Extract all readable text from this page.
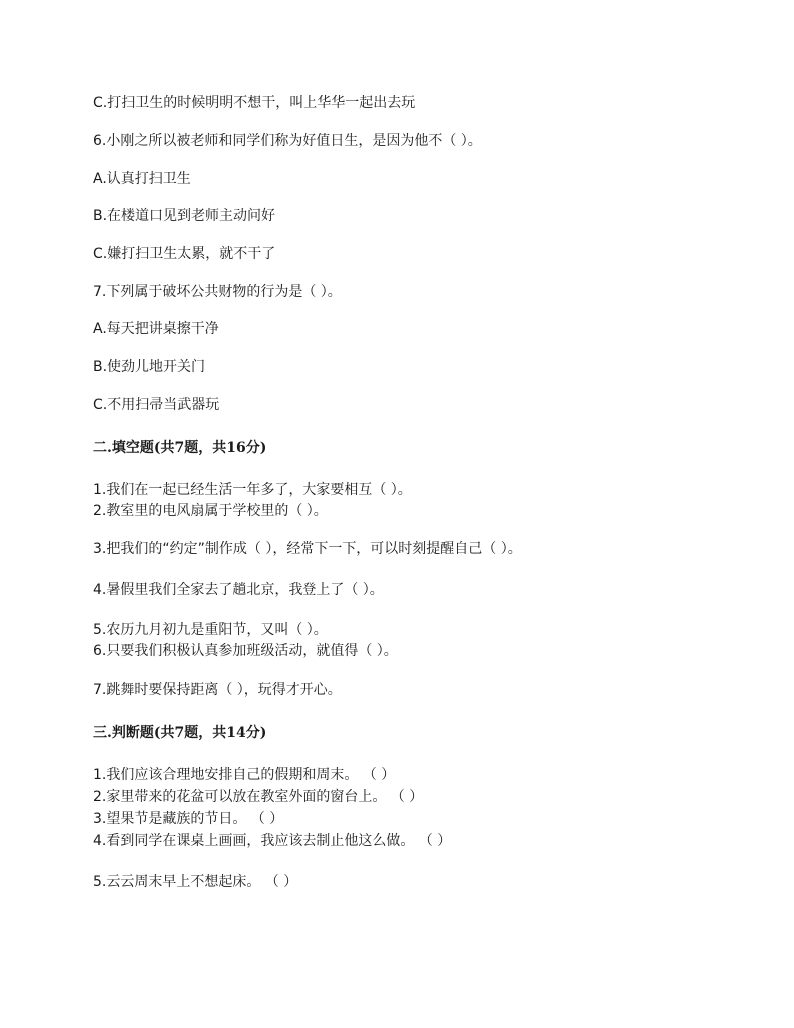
C.打扫卫生的时候明明不想干，叫上华华一起出去玩
6.小刚之所以被老师和同学们称为好值日生，是因为他不（ ）。
A.认真打扫卫生
B.在楼道口见到老师主动问好
C.嫌打扫卫生太累，就不干了
7.下列属于破坏公共财物的行为是（ ）。
A.每天把讲桌擦干净
B.使劲儿地开关门
C.不用扫帚当武器玩
二.填空题(共7题，共16分)
1.我们在一起已经生活一年多了，大家要相互（ ）。
2.教室里的电风扇属于学校里的（ ）。
3.把我们的“约定”制作成（ ），经常下一下，可以时刻提醒自己（ ）。
4.暑假里我们全家去了趟北京，我登上了（ ）。
5.农历九月初九是重阳节，又叫（ ）。
6.只要我们积极认真参加班级活动，就值得（ ）。
7.跳舞时要保持距离（ ），玩得才开心。
三.判断题(共7题，共14分)
1.我们应该合理地安排自己的假期和周末。 （ ）
2.家里带来的花盆可以放在教室外面的窗台上。 （ ）
3.望果节是藏族的节日。 （ ）
4.看到同学在课桌上画画，我应该去制止他这么做。 （ ）
5.云云周末早上不想起床。 （ ）
